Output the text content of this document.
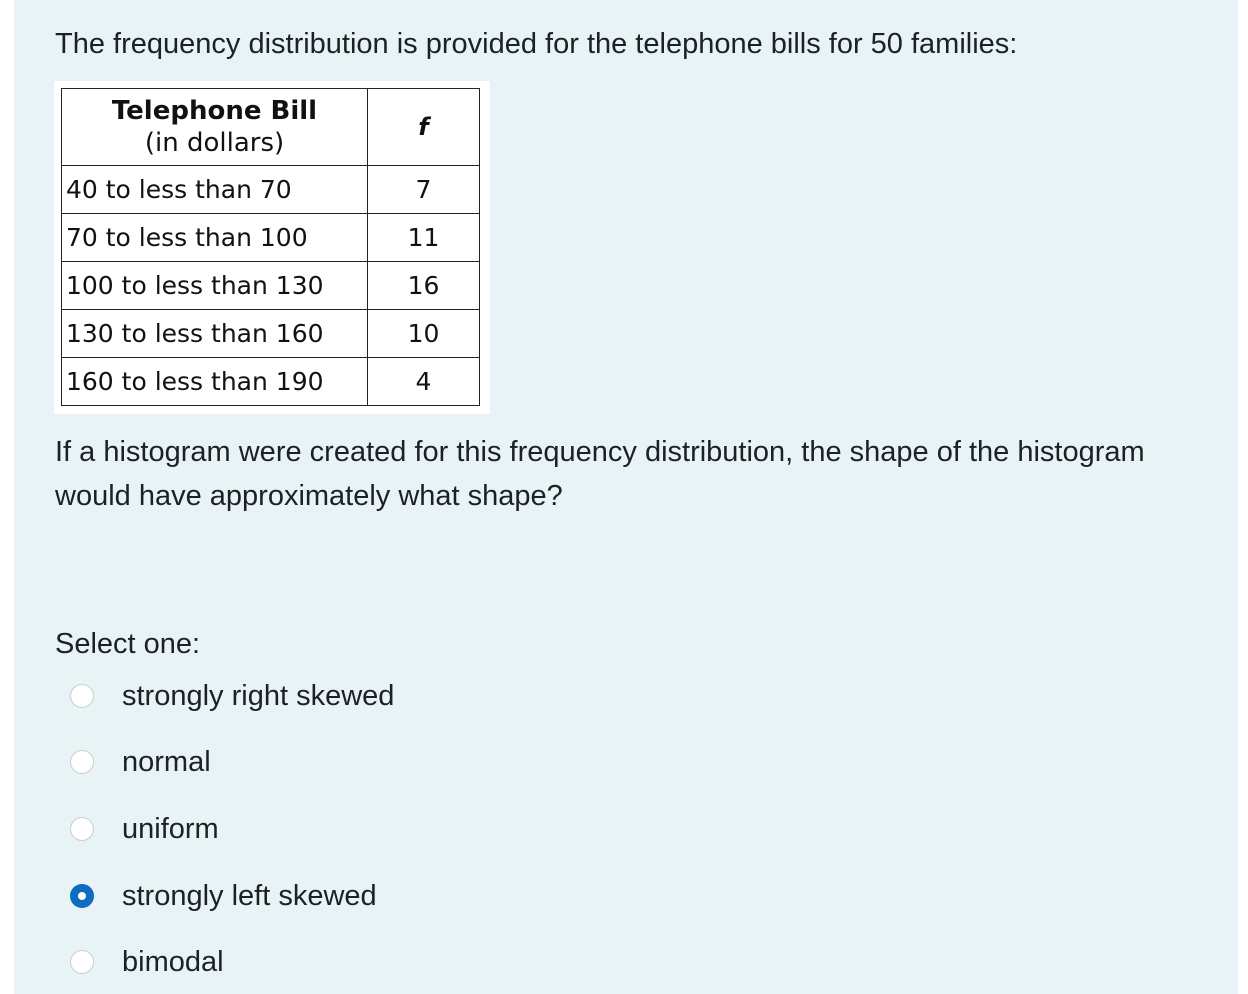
The frequency distribution is provided for the telephone bills for 50 families:
Telephone Bill
(in dollars)	f
40 to less than 70	7
70 to less than 100	11
100 to less than 130	16
130 to less than 160	10
160 to less than 190	4
If a histogram were created for this frequency distribution, the shape of the histogram would have approximately what shape?
Select one:
strongly right skewed
normal
uniform
strongly left skewed
bimodal
